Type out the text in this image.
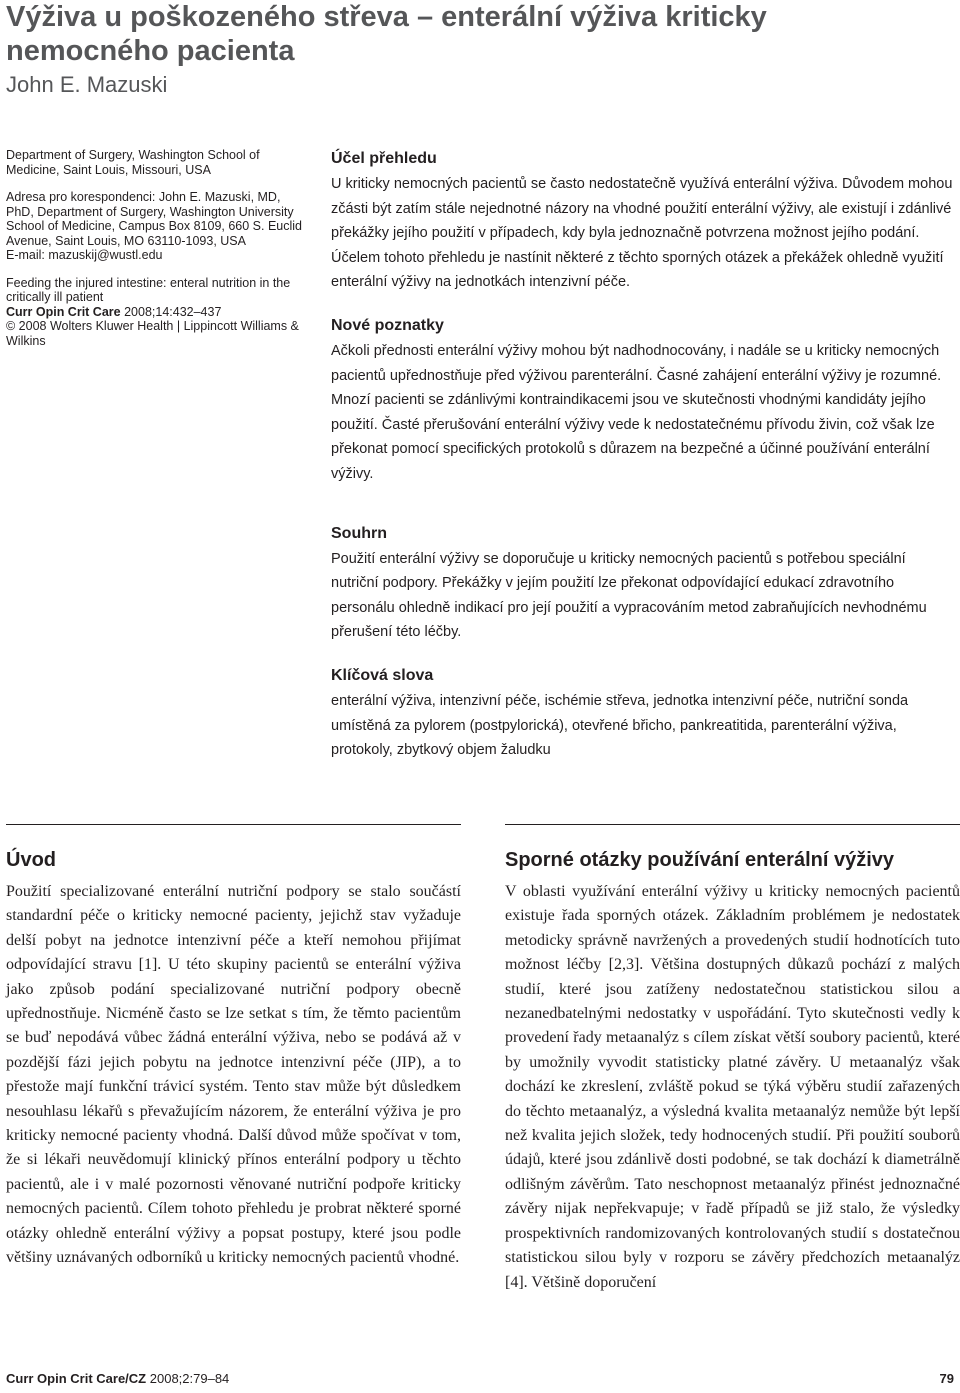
Výživa u poškozeného střeva – enterální výživa kriticky nemocného pacienta
John E. Mazuski

Department of Surgery, Washington School of Medicine, Saint Louis, Missouri, USA

Adresa pro korespondenci: John E. Mazuski, MD, PhD, Department of Surgery, Washington University School of Medicine, Campus Box 8109, 660 S. Euclid Avenue, Saint Louis, MO 63110-1093, USA
E-mail: mazuskij@wustl.edu

Feeding the injured intestine: enteral nutrition in the critically ill patient
Curr Opin Crit Care 2008;14:432–437
© 2008 Wolters Kluwer Health | Lippincott Williams & Wilkins

Účel přehledu

U kriticky nemocných pacientů se často nedostatečně využívá enterální výživa. Důvodem mohou zčásti být zatím stále nejednotné názory na vhodné použití enterální výživy, ale existují i zdánlivé překážky jejího použití v případech, kdy byla jednoznačně potvrzena možnost jejího podání. Účelem tohoto přehledu je nastínit některé z těchto sporných otázek a překážek ohledně využití enterální výživy na jednotkách intenzivní péče.

Nové poznatky

Ačkoli přednosti enterální výživy mohou být nadhodnocovány, i nadále se u kriticky nemocných pacientů upřednostňuje před výživou parenterální. Časné zahájení enterální výživy je rozumné. Mnozí pacienti se zdánlivými kontraindikacemi jsou ve skutečnosti vhodnými kandidáty jejího použití. Časté přerušování enterální výživy vede k nedostatečnému přívodu živin, což však lze překonat pomocí specifických protokolů s důrazem na bezpečné a účinné používání enterální výživy.

Souhrn

Použití enterální výživy se doporučuje u kriticky nemocných pacientů s potřebou speciální nutriční podpory. Překážky v jejím použití lze překonat odpovídající edukací zdravotního personálu ohledně indikací pro její použití a vypracováním metod zabraňujících nevhodnému přerušení této léčby.

Klíčová slova

enterální výživa, intenzivní péče, ischémie střeva, jednotka intenzivní péče, nutriční sonda umístěná za pylorem (postpylorická), otevřené břicho, pankreatitida, parenterální výživa, protokoly, zbytkový objem žaludku

Úvod

Použití specializované enterální nutriční podpory se stalo součástí standardní péče o kriticky nemocné pacienty, jejichž stav vyžaduje delší pobyt na jednotce intenzivní péče a kteří nemohou přijímat odpovídající stravu [1]. U této skupiny pacientů se enterální výživa jako způsob podání specializované nutriční podpory obecně upřednostňuje. Nicméně často se lze setkat s tím, že těmto pacientům se buď nepodává vůbec žádná enterální výživa, nebo se podává až v pozdější fázi jejich pobytu na jednotce intenzivní péče (JIP), a to přestože mají funkční trávicí systém. Tento stav může být důsledkem nesouhlasu lékařů s převažujícím názorem, že enterální výživa je pro kriticky nemocné pacienty vhodná. Další důvod může spočívat v tom, že si lékaři neuvědomují klinický přínos enterální podpory u těchto pacientů, ale i v malé pozornosti věnované nutriční podpoře kriticky nemocných pacientů. Cílem tohoto přehledu je probrat některé sporné otázky ohledně enterální výživy a popsat postupy, které jsou podle většiny uznávaných odborníků u kriticky nemocných pacientů vhodné.

Sporné otázky používání enterální výživy

V oblasti využívání enterální výživy u kriticky nemocných pacientů existuje řada sporných otázek. Základním problémem je nedostatek metodicky správně navržených a provedených studií hodnotících tuto možnost léčby [2,3]. Většina dostupných důkazů pochází z malých studií, které jsou zatíženy nedostatečnou statistickou silou a nezanedbatelnými nedostatky v uspořádání. Tyto skutečnosti vedly k provedení řady metaanalýz s cílem získat větší soubory pacientů, které by umožnily vyvodit statisticky platné závěry. U metaanalýz však dochází ke zkreslení, zvláště pokud se týká výběru studií zařazených do těchto metaanalýz, a výsledná kvalita metaanalýz nemůže být lepší než kvalita jejich složek, tedy hodnocených studií. Při použití souborů údajů, které jsou zdánlivě dosti podobné, se tak dochází k diametrálně odlišným závěrům. Tato neschopnost metaanalýz přinést jednoznačné závěry nijak nepřekvapuje; v řadě případů se již stalo, že výsledky prospektivních randomizovaných kontrolovaných studií s dostatečnou statistickou silou byly v rozporu se závěry předchozích metaanalýz [4]. Většině doporučení

Curr Opin Crit Care/CZ 2008;2:79–84	79
